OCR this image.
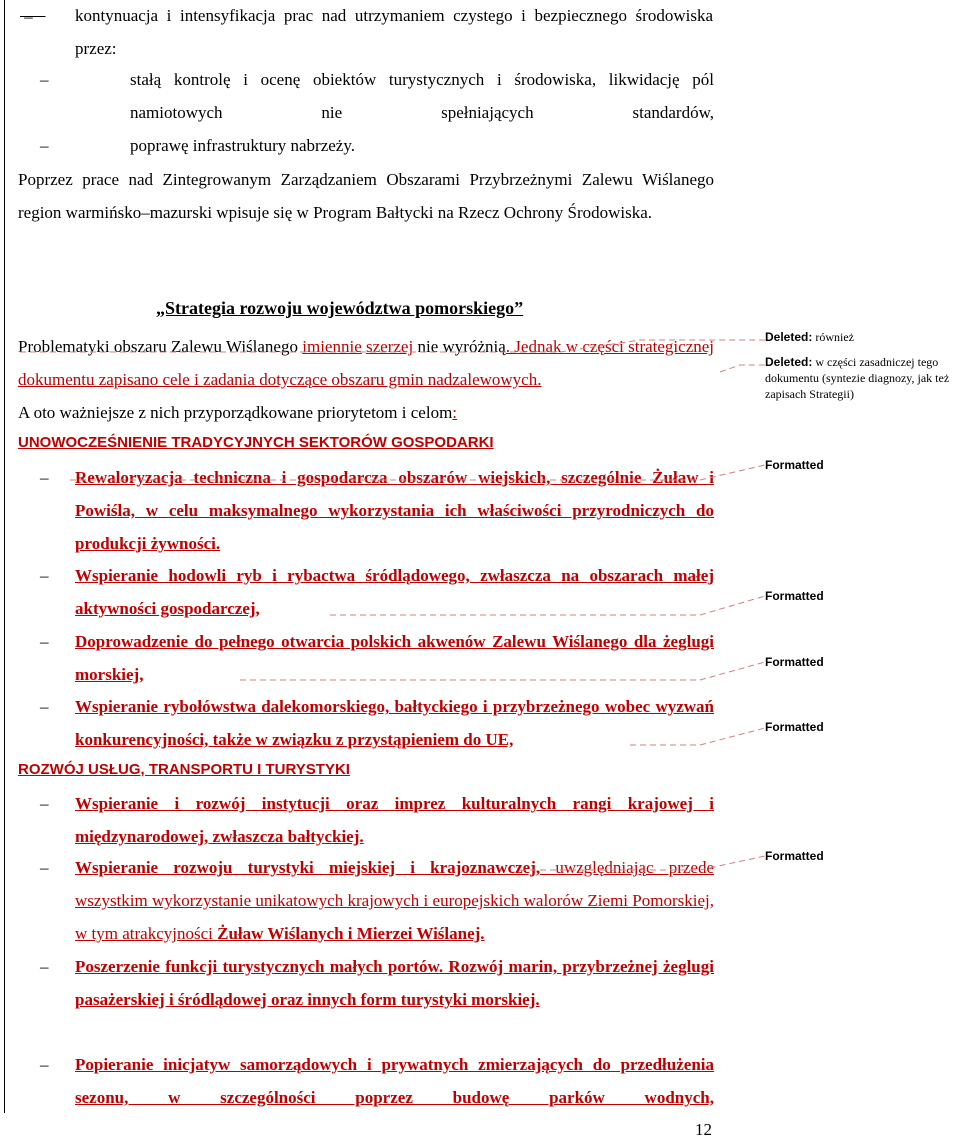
–	kontynuacja i intensyfikacja prac nad utrzymaniem czystego i bezpiecznego środowiska przez:
–	stałą kontrolę i ocenę obiektów turystycznych i środowiska, likwidację pól namiotowych nie spełniających standardów,
–	poprawę infrastruktury nabrzeży.
Poprzez prace nad Zintegrowanym Zarządzaniem Obszarami Przybrzeżnymi Zalewu Wiślanego region warmińsko–mazurski wpisuje się w Program Bałtycki na Rzecz Ochrony Środowiska.
„Strategia rozwoju województwa pomorskiego”
Problematyki obszaru Zalewu Wiślanego imiennie szerzej nie wyróżnią. Jednak w części strategicznej dokumentu zapisano cele i zadania dotyczące obszaru gmin nadzalewowych.
A oto ważniejsze z nich przyporządkowane priorytetom i celom:
UNOWOCZEŚNIENIE TRADYCYJNYCH SEKTORÓW GOSPODARKI
– Rewaloryzacja techniczna i gospodarcza obszarów wiejskich, szczególnie Żuław i Powiśla, w celu maksymalnego wykorzystania ich właściwości przyrodniczych do produkcji żywności.
– Wspieranie hodowli ryb i rybactwa śródlądowego, zwłaszcza na obszarach małej aktywności gospodarczej,
– Doprowadzenie do pełnego otwarcia polskich akwenów Zalewu Wiślanego dla żeglugi morskiej,
– Wspieranie rybołówstwa dalekomorskiego, bałtyckiego i przybrzeżnego wobec wyzwań konkurencyjności, także w związku z przystąpieniem do UE,
ROZWÓJ USŁUG, TRANSPORTU I TURYSTYKI
– Wspieranie i rozwój instytucji oraz imprez kulturalnych rangi krajowej i międzynarodowej, zwłaszcza bałtyckiej.
– Wspieranie rozwoju turystyki miejskiej i krajoznawczej, uwzględniając przede wszystkim wykorzystanie unikatowych krajowych i europejskich walorów Ziemi Pomorskiej, w tym atrakcyjności Żuław Wiślanych i Mierzei Wiślanej.
– Poszerzenie funkcji turystycznych małych portów. Rozwój marin, przybrzeżnej żeglugi pasażerskiej i śródlądowej oraz innych form turystyki morskiej.
– Popieranie inicjatyw samorządowych i prywatnych zmierzających do przedłużenia sezonu, w szczególności poprzez budowę parków wodnych,
Deleted: również
Deleted: w części zasadniczej tego dokumentu (syntezie diagnozy, jak też zapisach Strategii)
Formatted
Formatted
Formatted
Formatted
Formatted
12
